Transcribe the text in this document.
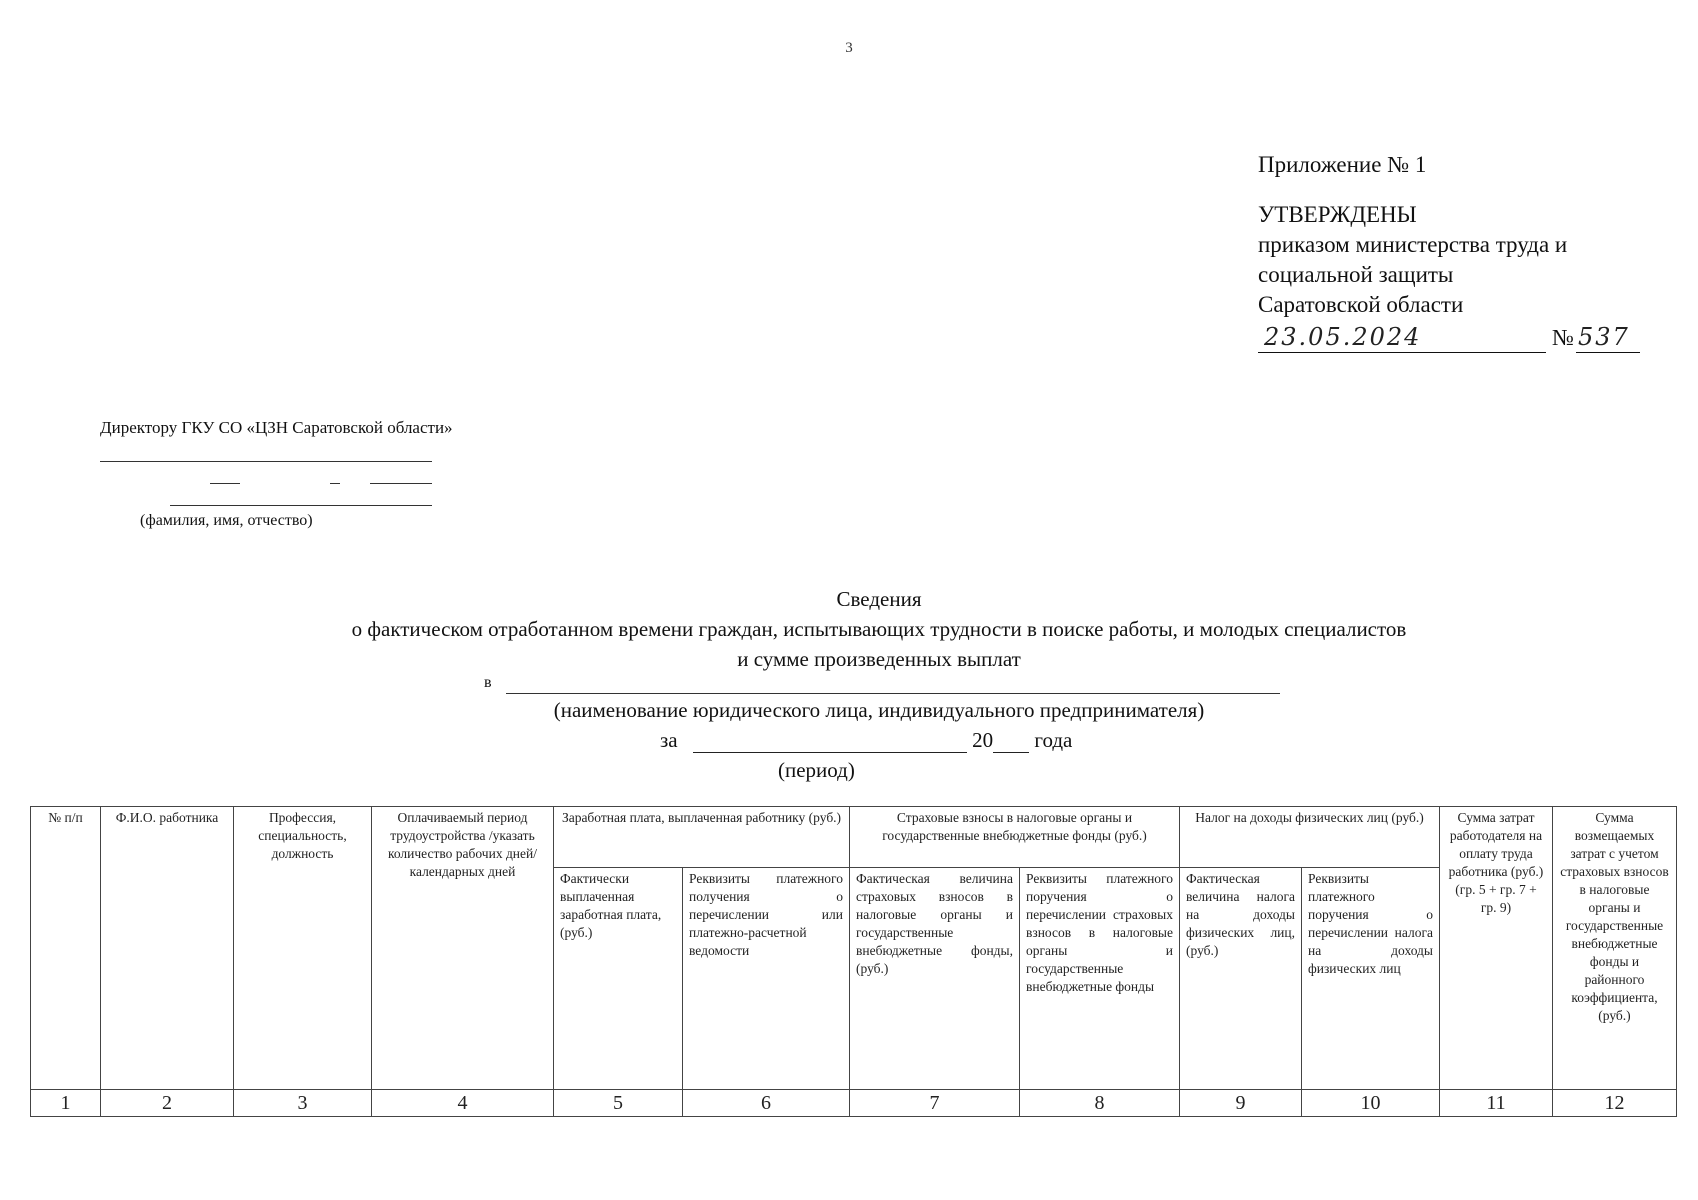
3
Приложение № 1
УТВЕРЖДЕНЫ
приказом министерства труда и
социальной защиты
Саратовской области
23.05.2024	№ 537
Директору ГКУ СО «ЦЗН Саратовской области»
(фамилия, имя, отчество)
Сведения
о фактическом отработанном времени граждан, испытывающих трудности в поиске работы, и молодых специалистов
и сумме произведенных выплат
в
(наименование юридического лица, индивидуального предпринимателя)
за	20 года
(период)
№ п/п	Ф.И.О. работника	Профессия, специальность, должность	Оплачиваемый период трудоустройства /указать количество рабочих дней/календарных дней	Заработная плата, выплаченная работнику (руб.)		Страховые взносы в налоговые органы и государственные внебюджетные фонды (руб.)		Налог на доходы физических лиц (руб.)		Сумма затрат работодателя на оплату труда работника (руб.) (гр. 5 + гр. 7 + гр. 9)	Сумма возмещаемых затрат с учетом страховых взносов в налоговые органы и государственные внебюджетные фонды и районного коэффициента, (руб.)
				Фактически выплаченная заработная плата, (руб.)	Реквизиты платежного получения о перечислении или платежно-расчетной ведомости	Фактическая величина страховых взносов в налоговые органы и государственные внебюджетные фонды, (руб.)	Реквизиты платежного поручения о перечислении страховых взносов в налоговые органы и государственные внебюджетные фонды	Фактическая величина налога на доходы физических лиц, (руб.)	Реквизиты платежного поручения о перечислении налога на доходы физических лиц		
1	2	3	4	5	6	7	8	9	10	11	12
